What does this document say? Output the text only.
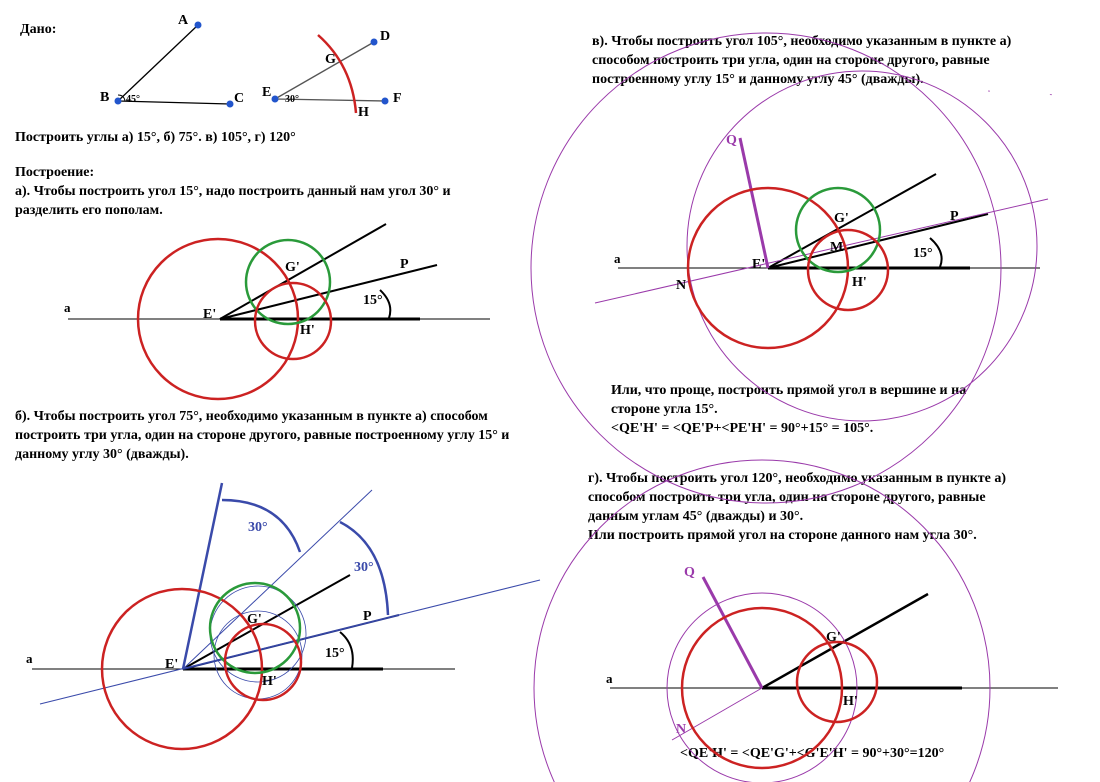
Дано:
Построить углы а) 15°, б) 75°. в) 105°, г) 120°
Построение:
а). Чтобы построить угол 15°, надо построить данный нам угол 30° и
разделить его пополам.
б). Чтобы построить угол 75°, необходимо указанным в пункте а) способом
построить три угла, один на стороне другого, равные построенному углу 15° и
данному углу 30° (дважды).
в). Чтобы построить угол 105°, необходимо указанным в пункте а)
способом построить три угла, один на стороне другого, равные
построенному углу 15° и данному углу 45° (дважды).
Или, что проще, построить прямой угол в вершине и на
стороне угла 15°.
<QE'H' = <QE'P+<PE'H' = 90°+15° = 105°.
г). Чтобы построить угол 120°, необходимо указанным в пункте а)
способом построить три угла, один на стороне другого, равные
данным углам 45° (дважды) и 30°.
Или построить прямой угол на стороне данного нам угла 30°.
<QE'H' = <QE'G'+<G'E'H' = 90°+30°=120°
A
B	C
45°
D
E	F
G
H
30°
a	E'
G'
H'
P
15°
a	E'
G'
H'
P
15°
30°
30°
a	E'
G'
H'
P
Q
N
M	15°
a
G'
H'
Q
N
